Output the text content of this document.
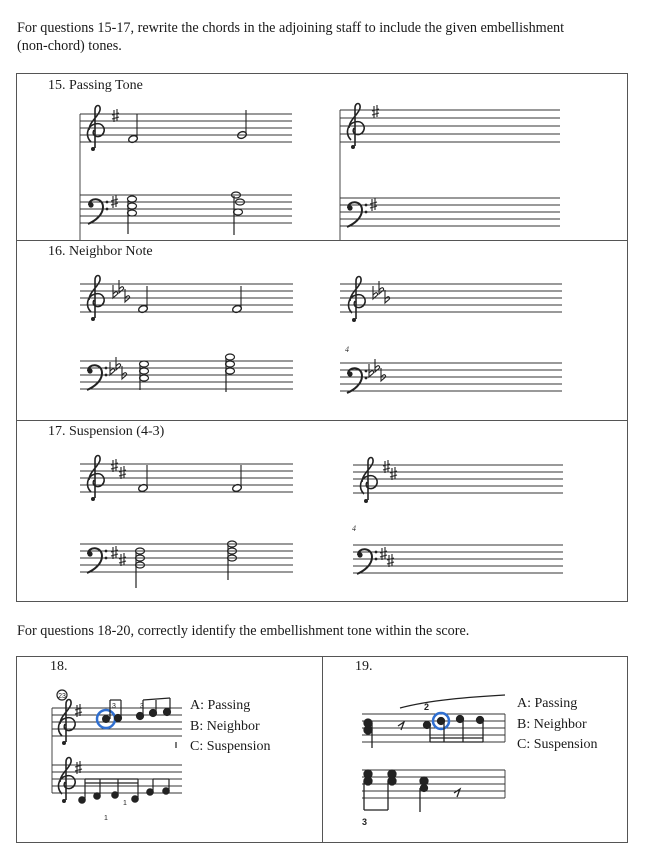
For questions 15-17, rewrite the chords in the adjoining staff to include the given embellishment
(non-chord) tones.
15. Passing Tone
16. Neighbor Note
17. Suspension (4-3)
For questions 18-20, correctly identify the embellishment tone within the score.
18.	19.
A: Passing
B: Neighbor
C: Suspension
A: Passing
B: Neighbor
C: Suspension
4
4
23
3	3
1
1
2
3
